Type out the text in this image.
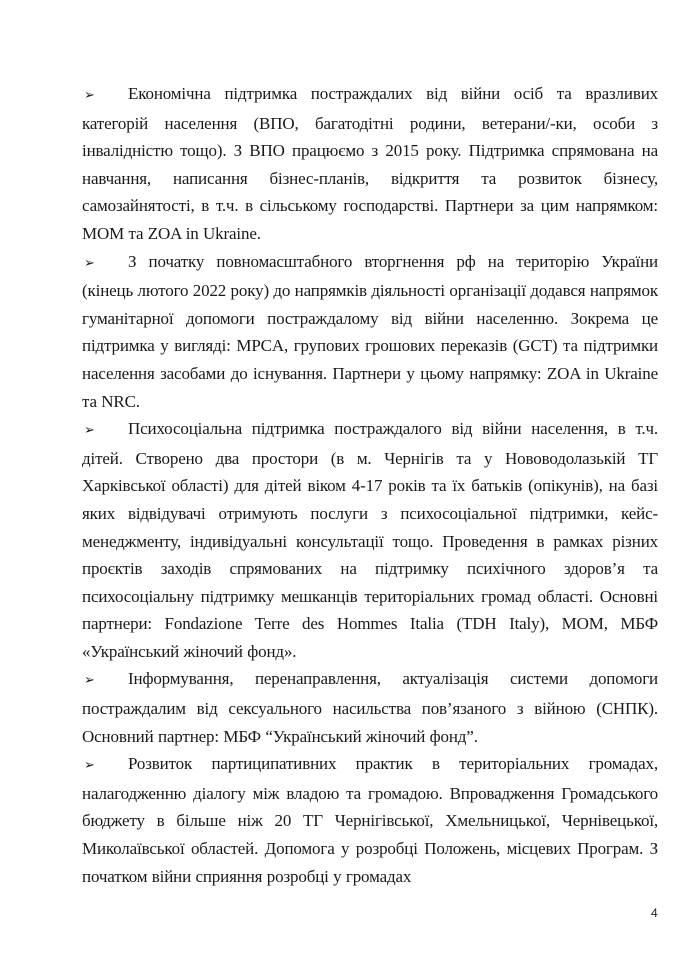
➢ Економічна підтримка постраждалих від війни осіб та вразливих категорій населення (ВПО, багатодітні родини, ветерани/-ки, особи з інвалідністю тощо). З ВПО працюємо з 2015 року. Підтримка спрямована на навчання, написання бізнес-планів, відкриття та розвиток бізнесу, самозайнятості, в т.ч. в сільському господарстві. Партнери за цим напрямком: МОМ та ZOA in Ukraine.

➢ З початку повномасштабного вторгнення рф на територію України (кінець лютого 2022 року) до напрямків діяльності організації додався напрямок гуманітарної допомоги постраждалому від війни населенню. Зокрема це підтримка у вигляді: MPCA, групових грошових переказів (GCT) та підтримки населення засобами до існування. Партнери у цьому напрямку: ZOA in Ukraine та NRC.

➢ Психосоціальна підтримка постраждалого від війни населення, в т.ч. дітей. Створено два простори (в м. Чернігів та у Нововодолазькій ТГ Харківської області) для дітей віком 4-17 років та їх батьків (опікунів), на базі яких відвідувачі отримують послуги з психосоціальної підтримки, кейс-менеджменту, індивідуальні консультації тощо. Проведення в рамках різних проєктів заходів спрямованих на підтримку психічного здоров’я та психосоціальну підтримку мешканців територіальних громад області. Основні партнери: Fondazione Terre des Hommes Italia (TDH Italy), МОМ, МБФ «Український жіночий фонд».

➢ Інформування, перенаправлення, актуалізація системи допомоги постраждалим від сексуального насильства пов’язаного з війною (СНПК). Основний партнер: МБФ “Український жіночий фонд”.

➢ Розвиток партиципативних практик в територіальних громадах, налагодженню діалогу між владою та громадою. Впровадження Громадського бюджету в більше ніж 20 ТГ Чернігівської, Хмельницької, Чернівецької, Миколаївської областей. Допомога у розробці Положень, місцевих Програм. З початком війни сприяння розробці у громадах

4
